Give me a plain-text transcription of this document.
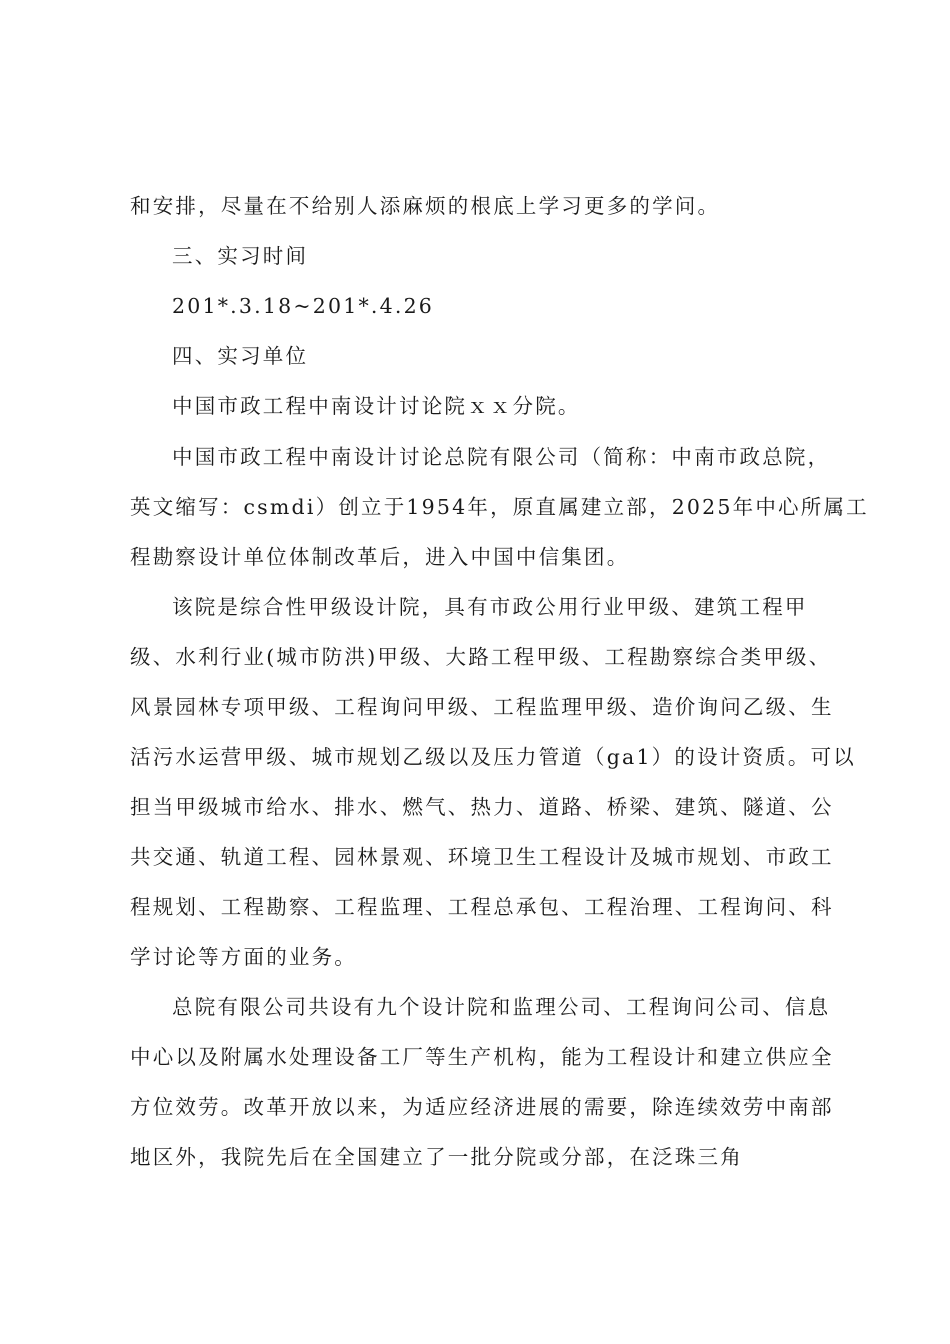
和安排，尽量在不给别人添麻烦的根底上学习更多的学问。
三、实习时间
201*.3.18~201*.4.26
四、实习单位
中国市政工程中南设计讨论院ｘｘ分院。
中国市政工程中南设计讨论总院有限公司（简称：中南市政总院，
英文缩写：csmdi）创立于1954年，原直属建立部，2025年中心所属工
程勘察设计单位体制改革后，进入中国中信集团。
该院是综合性甲级设计院，具有市政公用行业甲级、建筑工程甲
级、水利行业(城市防洪)甲级、大路工程甲级、工程勘察综合类甲级、
风景园林专项甲级、工程询问甲级、工程监理甲级、造价询问乙级、生
活污水运营甲级、城市规划乙级以及压力管道（ga1）的设计资质。可以
担当甲级城市给水、排水、燃气、热力、道路、桥梁、建筑、隧道、公
共交通、轨道工程、园林景观、环境卫生工程设计及城市规划、市政工
程规划、工程勘察、工程监理、工程总承包、工程治理、工程询问、科
学讨论等方面的业务。
总院有限公司共设有九个设计院和监理公司、工程询问公司、信息
中心以及附属水处理设备工厂等生产机构，能为工程设计和建立供应全
方位效劳。改革开放以来，为适应经济进展的需要，除连续效劳中南部
地区外，我院先后在全国建立了一批分院或分部，在泛珠三角
